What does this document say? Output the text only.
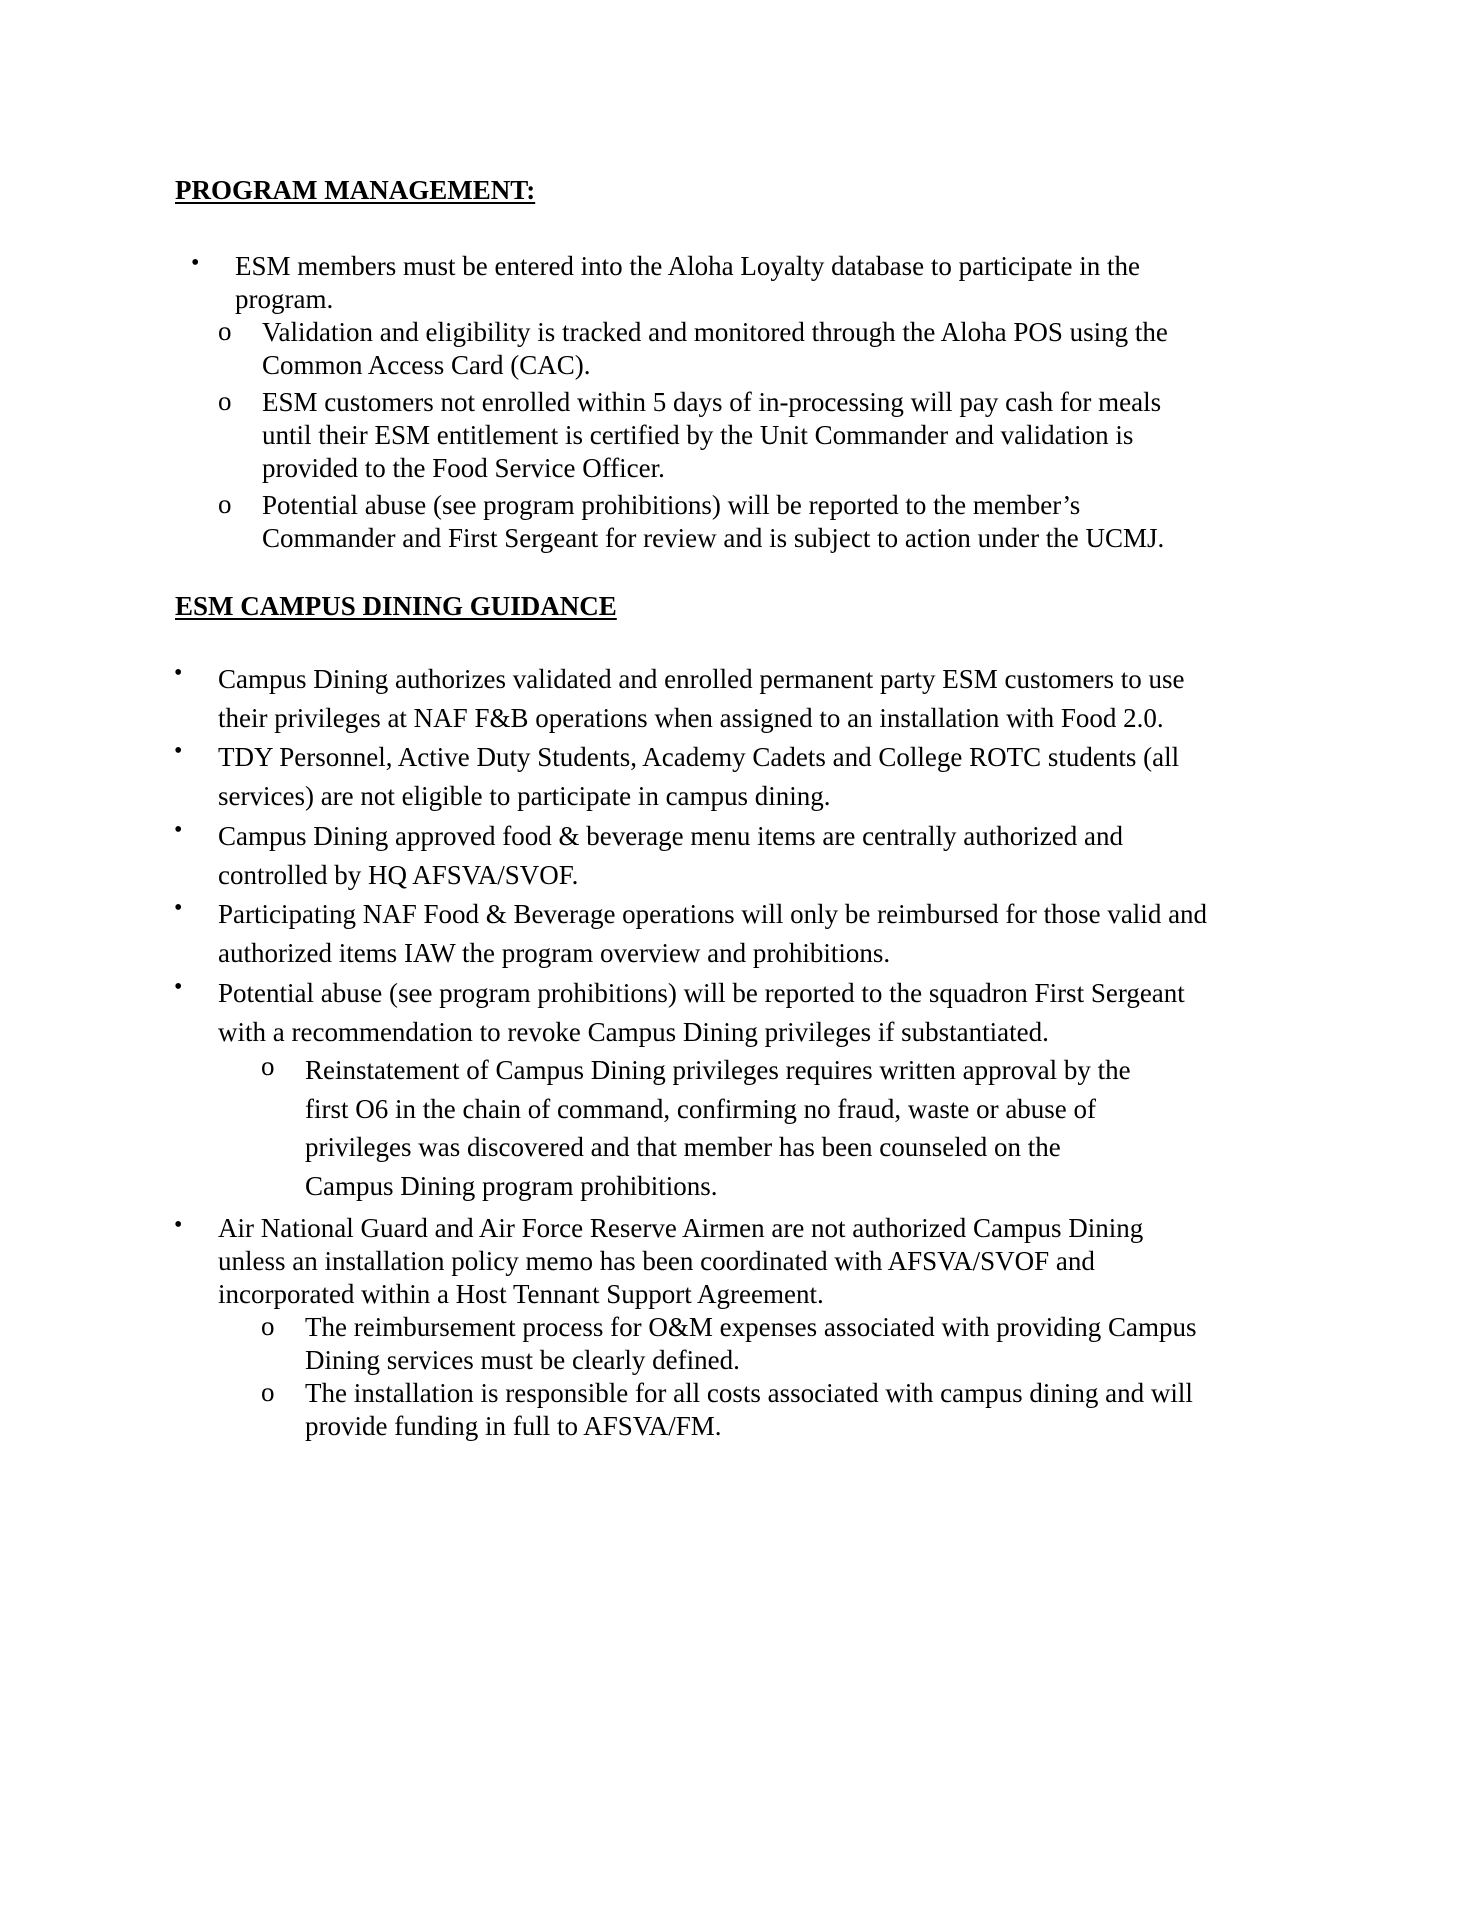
PROGRAM MANAGEMENT:
• ESM members must be entered into the Aloha Loyalty database to participate in the
program.
o Validation and eligibility is tracked and monitored through the Aloha POS using the
Common Access Card (CAC).
o ESM customers not enrolled within 5 days of in-processing will pay cash for meals
until their ESM entitlement is certified by the Unit Commander and validation is
provided to the Food Service Officer.
o Potential abuse (see program prohibitions) will be reported to the member’s
Commander and First Sergeant for review and is subject to action under the UCMJ.
ESM CAMPUS DINING GUIDANCE
• Campus Dining authorizes validated and enrolled permanent party ESM customers to use
their privileges at NAF F&B operations when assigned to an installation with Food 2.0.
• TDY Personnel, Active Duty Students, Academy Cadets and College ROTC students (all
services) are not eligible to participate in campus dining.
• Campus Dining approved food & beverage menu items are centrally authorized and
controlled by HQ AFSVA/SVOF.
• Participating NAF Food & Beverage operations will only be reimbursed for those valid and
authorized items IAW the program overview and prohibitions.
• Potential abuse (see program prohibitions) will be reported to the squadron First Sergeant
with a recommendation to revoke Campus Dining privileges if substantiated.
o Reinstatement of Campus Dining privileges requires written approval by the
first O6 in the chain of command, confirming no fraud, waste or abuse of
privileges was discovered and that member has been counseled on the
Campus Dining program prohibitions.
• Air National Guard and Air Force Reserve Airmen are not authorized Campus Dining
unless an installation policy memo has been coordinated with AFSVA/SVOF and
incorporated within a Host Tennant Support Agreement.
o The reimbursement process for O&M expenses associated with providing Campus
Dining services must be clearly defined.
o The installation is responsible for all costs associated with campus dining and will
provide funding in full to AFSVA/FM.
